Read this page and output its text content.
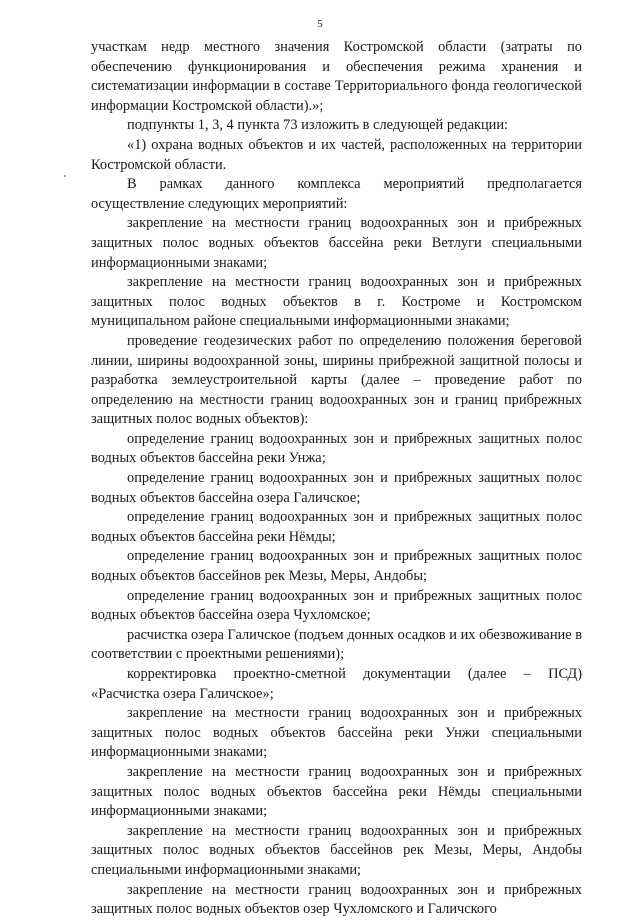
5

участкам недр местного значения Костромской области (затраты по обеспечению функционирования и обеспечения режима хранения и систематизации информации в составе Территориального фонда геологической информации Костромской области).»;

подпункты 1, 3, 4 пункта 73 изложить в следующей редакции:

«1) охрана водных объектов и их частей, расположенных на территории Костромской области.

В рамках данного комплекса мероприятий предполагается осуществление следующих мероприятий:

закрепление на местности границ водоохранных зон и прибрежных защитных полос водных объектов бассейна реки Ветлуги специальными информационными знаками;

закрепление на местности границ водоохранных зон и прибрежных защитных полос водных объектов в г. Костроме и Костромском муниципальном районе специальными информационными знаками;

проведение геодезических работ по определению положения береговой линии, ширины водоохранной зоны, ширины прибрежной защитной полосы и разработка землеустроительной карты (далее – проведение работ по определению на местности границ водоохранных зон и границ прибрежных защитных полос водных объектов):

определение границ водоохранных зон и прибрежных защитных полос водных объектов бассейна реки Унжа;

определение границ водоохранных зон и прибрежных защитных полос водных объектов бассейна озера Галичское;

определение границ водоохранных зон и прибрежных защитных полос водных объектов бассейна реки Нёмды;

определение границ водоохранных зон и прибрежных защитных полос водных объектов бассейнов рек Мезы, Меры, Андобы;

определение границ водоохранных зон и прибрежных защитных полос водных объектов бассейна озера Чухломское;

расчистка озера Галичское (подъем донных осадков и их обезвоживание в соответствии с проектными решениями);

корректировка проектно-сметной документации (далее – ПСД) «Расчистка озера Галичское»;

закрепление на местности границ водоохранных зон и прибрежных защитных полос водных объектов бассейна реки Унжи специальными информационными знаками;

закрепление на местности границ водоохранных зон и прибрежных защитных полос водных объектов бассейна реки Нёмды специальными информационными знаками;

закрепление на местности границ водоохранных зон и прибрежных защитных полос водных объектов бассейнов рек Мезы, Меры, Андобы специальными информационными знаками;

закрепление на местности границ водоохранных зон и прибрежных защитных полос водных объектов озер Чухломского и Галичского
